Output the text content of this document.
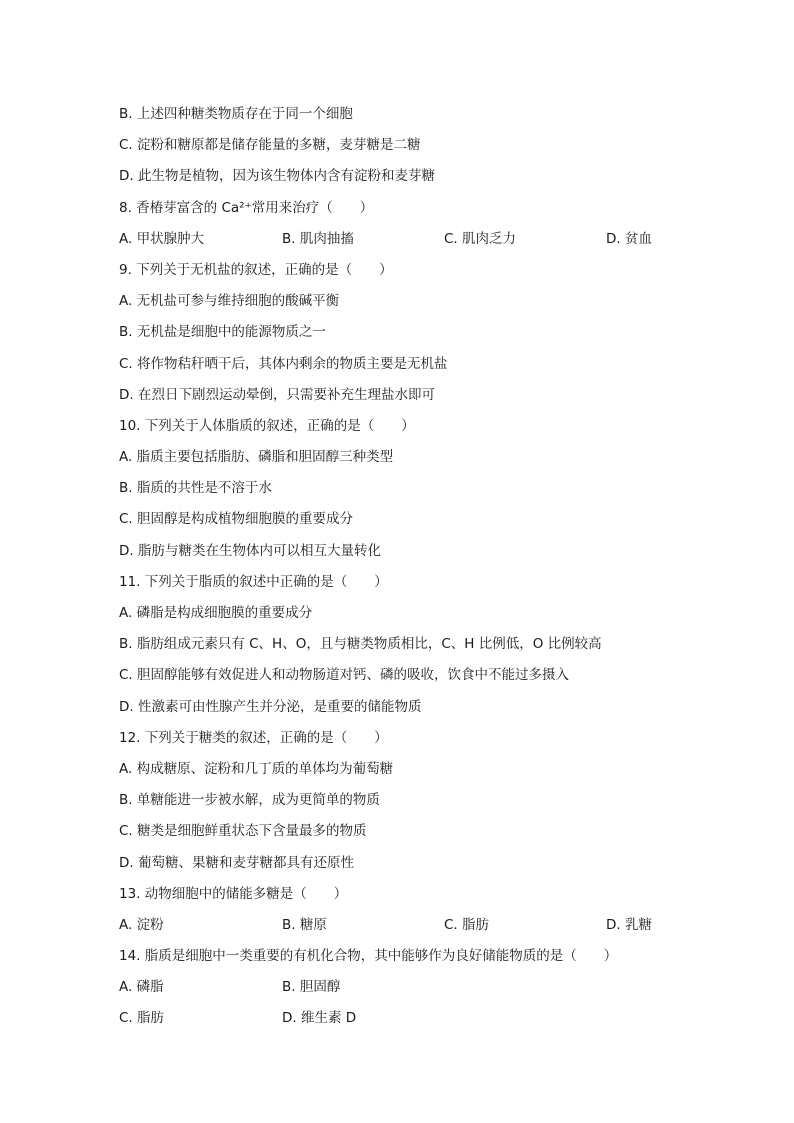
B. 上述四种糖类物质存在于同一个细胞
C. 淀粉和糖原都是储存能量的多糖，麦芽糖是二糖
D. 此生物是植物，因为该生物体内含有淀粉和麦芽糖
8. 香椿芽富含的 Ca²⁺常用来治疗（　　）
A. 甲状腺肿大	B. 肌肉抽搐	C. 肌肉乏力	D. 贫血
9. 下列关于无机盐的叙述，正确的是（　　）
A. 无机盐可参与维持细胞的酸碱平衡
B. 无机盐是细胞中的能源物质之一
C. 将作物秸秆晒干后，其体内剩余的物质主要是无机盐
D. 在烈日下剧烈运动晕倒，只需要补充生理盐水即可
10. 下列关于人体脂质的叙述，正确的是（　　）
A. 脂质主要包括脂肪、磷脂和胆固醇三种类型
B. 脂质的共性是不溶于水
C. 胆固醇是构成植物细胞膜的重要成分
D. 脂肪与糖类在生物体内可以相互大量转化
11. 下列关于脂质的叙述中正确的是（　　）
A. 磷脂是构成细胞膜的重要成分
B. 脂肪组成元素只有 C、H、O，且与糖类物质相比，C、H 比例低，O 比例较高
C. 胆固醇能够有效促进人和动物肠道对钙、磷的吸收，饮食中不能过多摄入
D. 性激素可由性腺产生并分泌，是重要的储能物质
12. 下列关于糖类的叙述，正确的是（　　）
A. 构成糖原、淀粉和几丁质的单体均为葡萄糖
B. 单糖能进一步被水解，成为更简单的物质
C. 糖类是细胞鲜重状态下含量最多的物质
D. 葡萄糖、果糖和麦芽糖都具有还原性
13. 动物细胞中的储能多糖是（　　）
A. 淀粉	B. 糖原	C. 脂肪	D. 乳糖
14. 脂质是细胞中一类重要的有机化合物，其中能够作为良好储能物质的是（　　）
A. 磷脂	B. 胆固醇
C. 脂肪	D. 维生素 D
